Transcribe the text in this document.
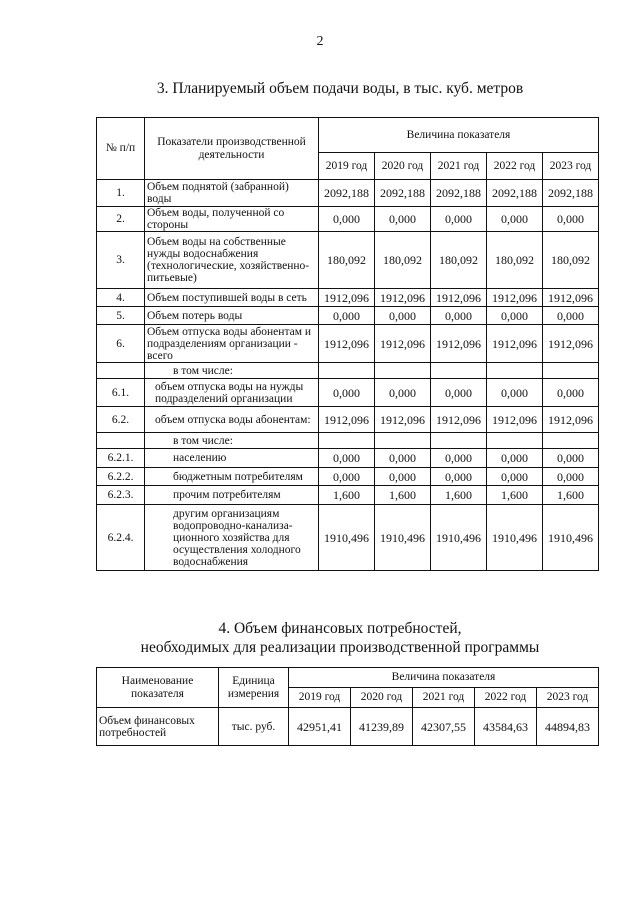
2
3. Планируемый объем подачи воды, в тыс. куб. метров
№ п/п	Показатели производственной деятельности	Величина показателя				
		2019 год	2020 год	2021 год	2022 год	2023 год
1.	Объем поднятой (забранной) воды	2092,188	2092,188	2092,188	2092,188	2092,188
2.	Объем воды, полученной со стороны	0,000	0,000	0,000	0,000	0,000
3.	Объем воды на собственные нужды водоснабжения (технологические, хозяйственно-питьевые)	180,092	180,092	180,092	180,092	180,092
4.	Объем поступившей воды в сеть	1912,096	1912,096	1912,096	1912,096	1912,096
5.	Объем потерь воды	0,000	0,000	0,000	0,000	0,000
6.	Объем отпуска воды абонентам и подразделениям организации - всего	1912,096	1912,096	1912,096	1912,096	1912,096
	в том числе:					
6.1.	объем отпуска воды на нужды подразделений организации	0,000	0,000	0,000	0,000	0,000
6.2.	объем отпуска воды абонентам:	1912,096	1912,096	1912,096	1912,096	1912,096
	в том числе:					
6.2.1.	населению	0,000	0,000	0,000	0,000	0,000
6.2.2.	бюджетным потребителям	0,000	0,000	0,000	0,000	0,000
6.2.3.	прочим потребителям	1,600	1,600	1,600	1,600	1,600
6.2.4.	другим организациям водопроводно-канализа-ционного хозяйства для осуществления холодного водоснабжения	1910,496	1910,496	1910,496	1910,496	1910,496
4. Объем финансовых потребностей,
необходимых для реализации производственной программы
Наименование показателя	Единица измерения	Величина показателя				
		2019 год	2020 год	2021 год	2022 год	2023 год
Объем финансовых потребностей	тыс. руб.	42951,41	41239,89	42307,55	43584,63	44894,83
